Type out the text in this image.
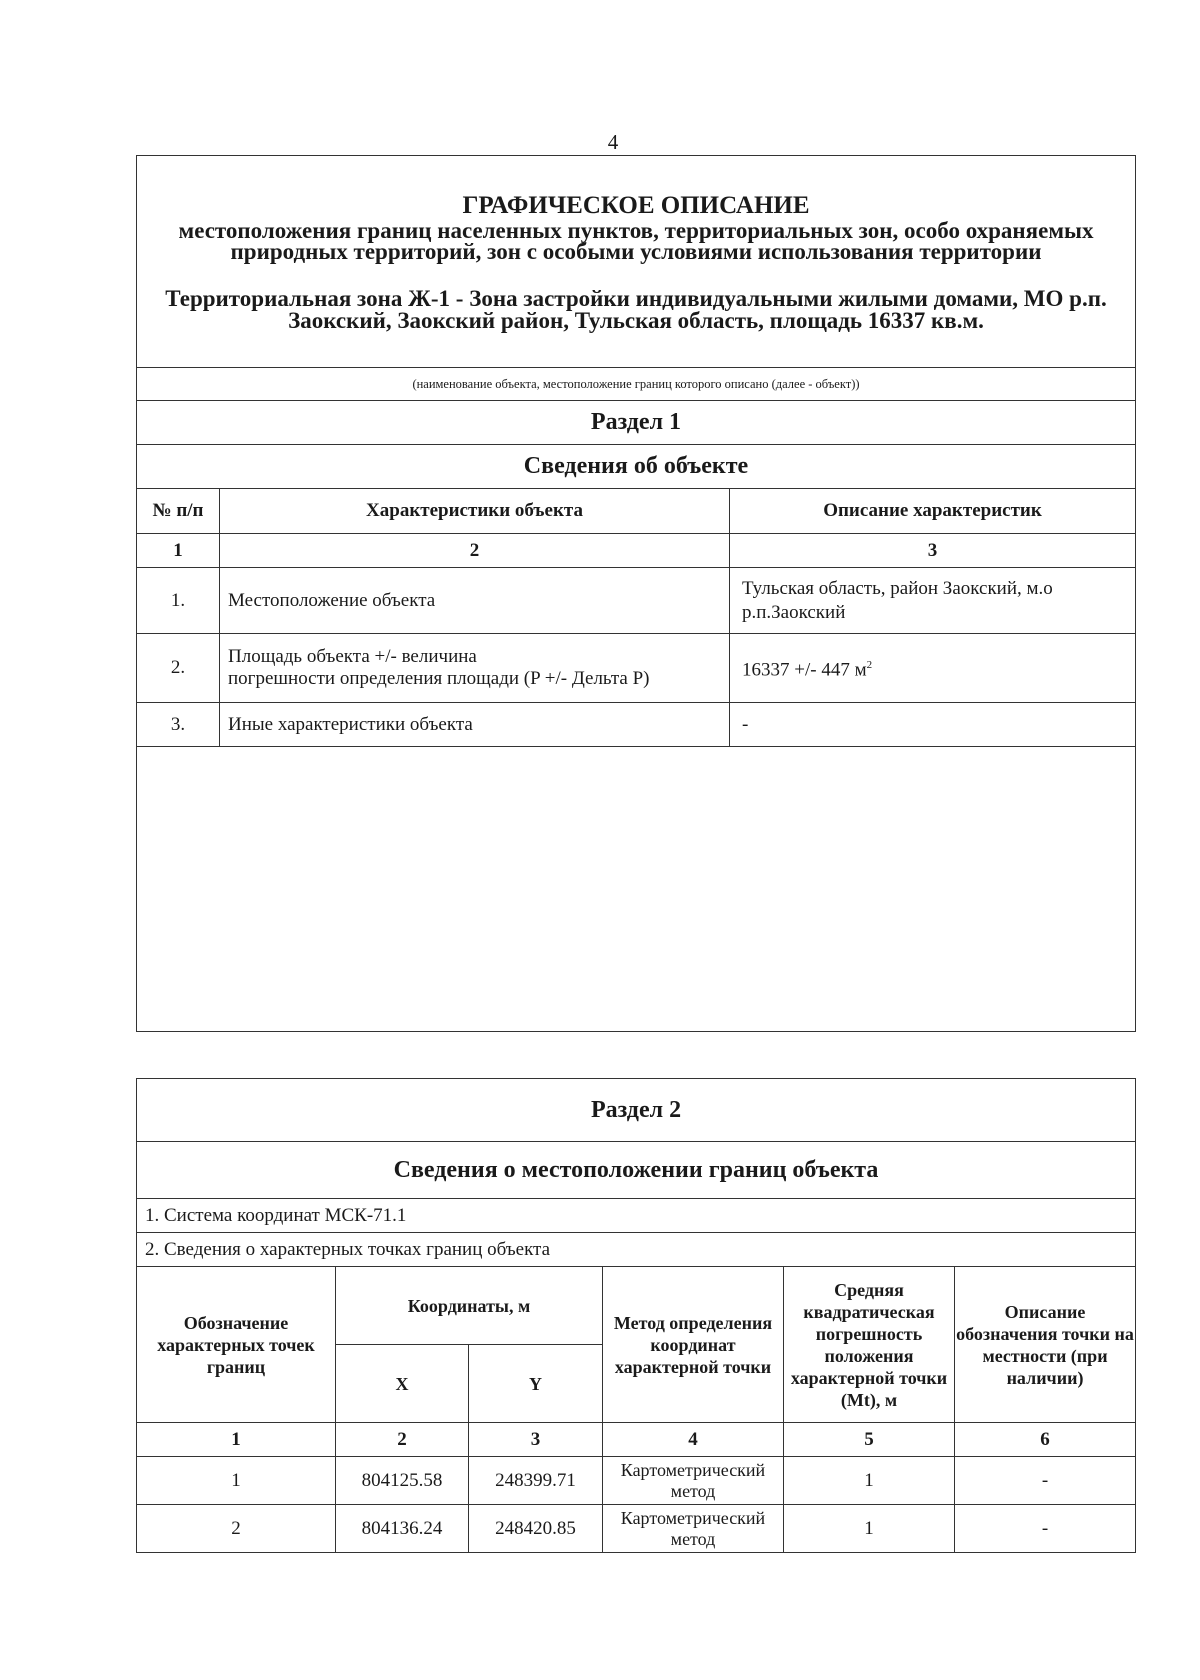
4
ГРАФИЧЕСКОЕ ОПИСАНИЕ
местоположения границ населенных пунктов, территориальных зон, особо охраняемых природных территорий, зон с особыми условиями использования территории
Территориальная зона Ж-1 - Зона застройки индивидуальными жилыми домами, МО р.п. Заокский, Заокский район, Тульская область, площадь 16337 кв.м.		

(наименование объекта, местоположение границ которого описано (далее - объект))		
Раздел 1		
Сведения об объекте		
№ п/п	Характеристики объекта	Описание характеристик
1	2	3
1.	Местоположение объекта	Тульская область, район Заокский, м.о р.п.Заокский
2.	Площадь объекта +/- величина
погрешности определения площади (P +/- Дельта P)	16337 +/- 447 $м^2$
3.	Иные характеристики объекта	-

Раздел 2					
Сведения о местоположении границ объекта					
1. Система координат МСК-71.1					
2. Сведения о характерных точках границ объекта					
Обозначение характерных точек границ	Координаты, м		Метод определения координат характерной точки	Средняя квадратическая погрешность положения характерной точки (Mt), м	Описание обозначения точки на местности (при наличии)
	X	Y			
1	2	3	4	5	6
1	804125.58	248399.71	Картометрический метод	1	-
2	804136.24	248420.85	Картометрический метод	1	-
